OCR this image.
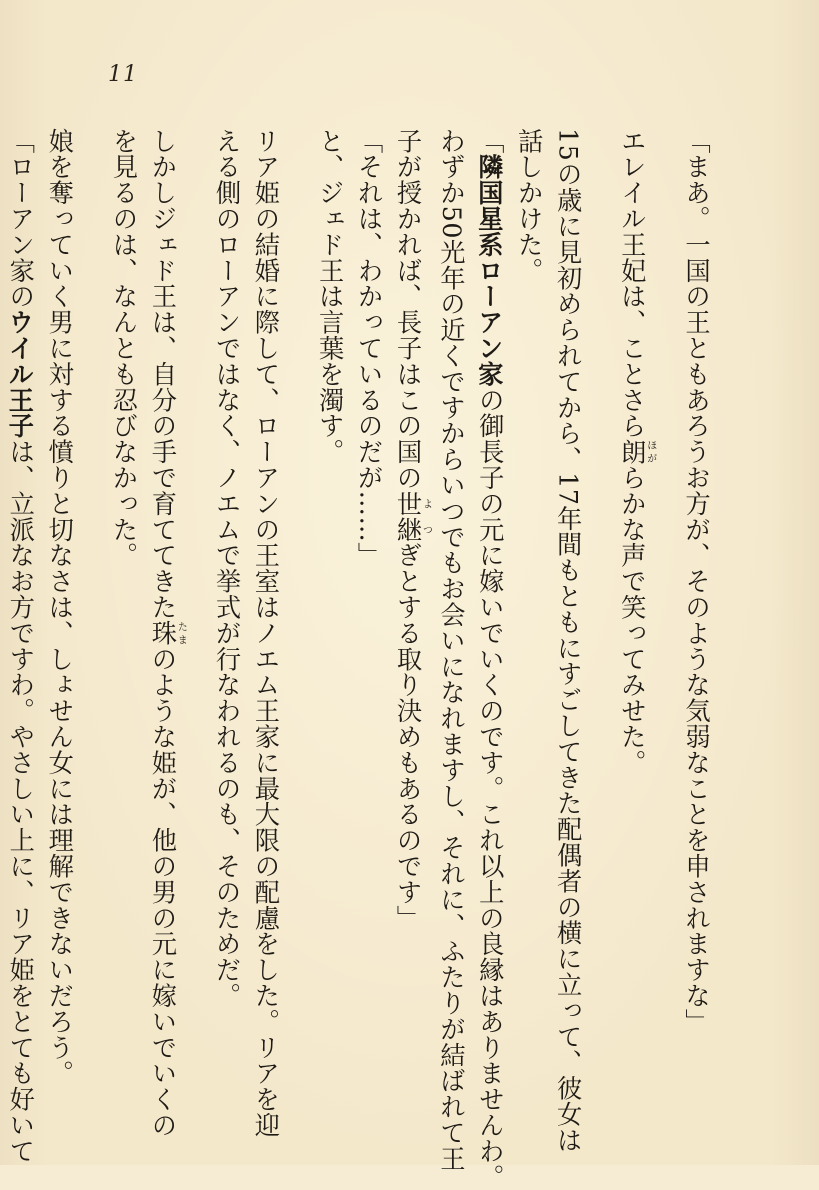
11
「まあ。一国の王ともあろうお方が、そのような気弱なことを申されますな」
エレイル王妃は、ことさら朗ほがらかな声で笑ってみせた。
15の歳に見初められてから、17年間もともにすごしてきた配偶者の横に立って、彼女は
話しかけた。
「隣国星系ローアン家の御長子の元に嫁いでいくのです。これ以上の良縁はありませんわ。
わずか50光年の近くですからいつでもお会いになれますし、それに、ふたりが結ばれて王
子が授かれば、長子はこの国の世継よつぎとする取り決めもあるのです」
「それは、わかっているのだが……」
と、ジェド王は言葉を濁す。
リア姫の結婚に際して、ローアンの王室はノエム王家に最大限の配慮をした。リアを迎
える側のローアンではなく、ノエムで挙式が行なわれるのも、そのためだ。
しかしジェド王は、自分の手で育ててきた珠たまのような姫が、他の男の元に嫁いでいくの
を見るのは、なんとも忍びなかった。
娘を奪っていく男に対する憤りと切なさは、しょせん女には理解できないだろう。
「ローアン家のウイル王子は、立派なお方ですわ。やさしい上に、リア姫をとても好いて
